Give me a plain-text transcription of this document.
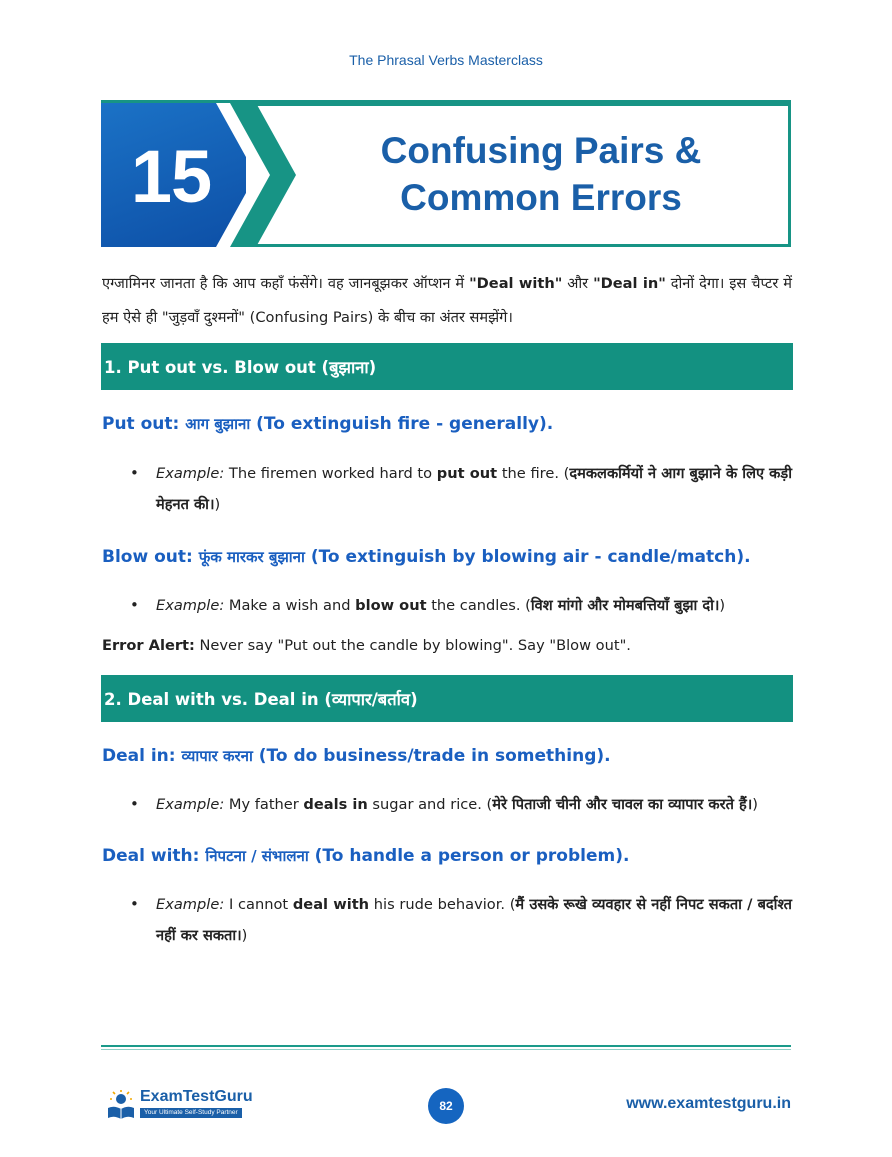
The Phrasal Verbs Masterclass
15	Confusing Pairs &
Common Errors
एग्जामिनर जानता है कि आप कहाँ फंसेंगे। वह जानबूझकर ऑप्शन में "Deal with" और "Deal in" दोनों देगा। इस चैप्टर में हम ऐसे ही "जुड़वाँ दुश्मनों" (Confusing Pairs) के बीच का अंतर समझेंगे।
1. Put out vs. Blow out (बुझाना)
Put out: आग बुझाना (To extinguish fire - generally).
• Example: The firemen worked hard to put out the fire. (दमकलकर्मियों ने आग बुझाने के लिए कड़ी मेहनत की।)
Blow out: फूंक मारकर बुझाना (To extinguish by blowing air - candle/match).
• Example: Make a wish and blow out the candles. (विश मांगो और मोमबत्तियाँ बुझा दो।)
Error Alert: Never say "Put out the candle by blowing". Say "Blow out".
2. Deal with vs. Deal in (व्यापार/बर्ताव)
Deal in: व्यापार करना (To do business/trade in something).
• Example: My father deals in sugar and rice. (मेरे पिताजी चीनी और चावल का व्यापार करते हैं।)
Deal with: निपटना / संभालना (To handle a person or problem).
• Example: I cannot deal with his rude behavior. (मैं उसके रूखे व्यवहार से नहीं निपट सकता / बर्दाश्त नहीं कर सकता।)
ExamTestGuru
Your Ultimate Self-Study Partner	82	www.examtestguru.in
